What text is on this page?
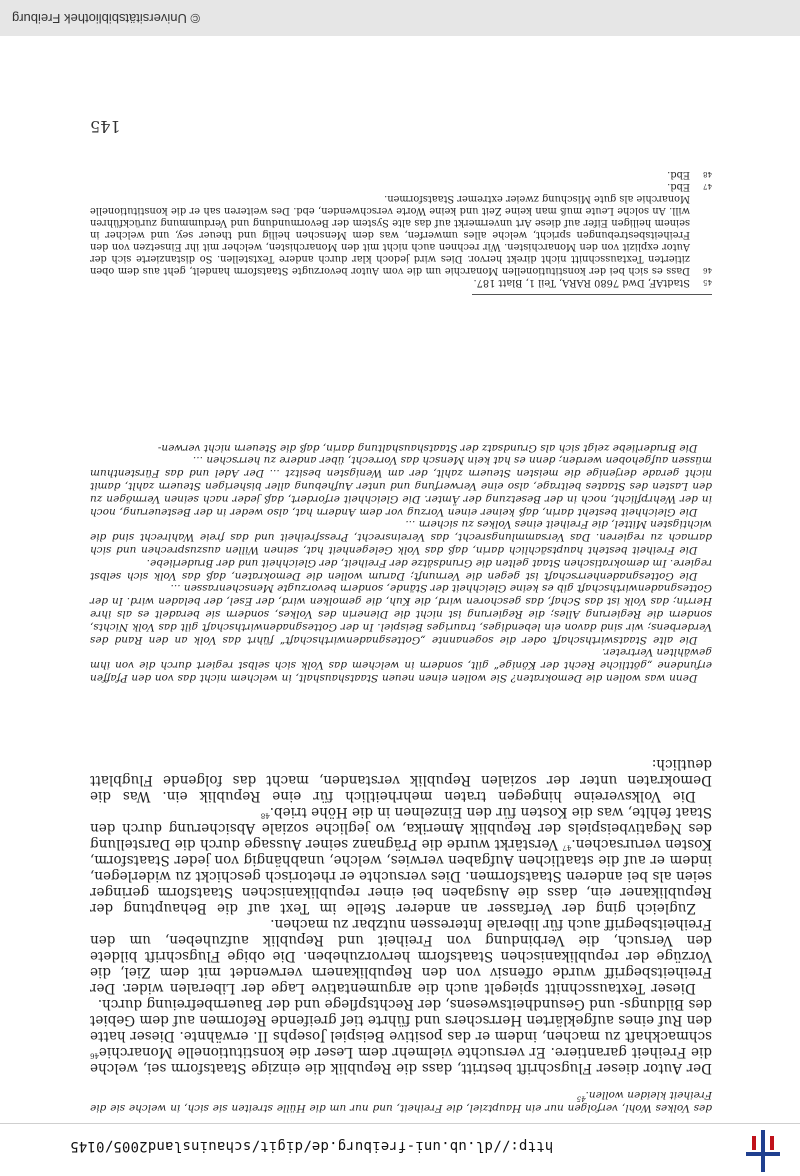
http://dl.ub.uni-freiburg.de/digit/schauinsland2005/0145

des Volkes Wohl, verfolgen nur ein Hauptziel, die Freiheit, und nur um die Hülle streiten sie sich, in welche sie die Freiheit kleiden wollen.$^{45}$

Der Autor dieser Flugschrift bestritt, dass die Republik die einzige Staatsform sei, welche die Freiheit garantiere. Er versuchte vielmehr dem Leser die konstitutionelle Monarchie$^{46}$ schmackhaft zu machen, indem er das positive Beispiel Josephs II. erwähnte. Dieser hatte den Ruf eines aufgeklärten Herrschers und führte tief greifende Reformen auf dem Gebiet des Bildungs- und Gesundheitswesens, der Rechtspflege und der Bauernbefreiung durch.

Dieser Textausschnitt spiegelt auch die argumentative Lage der Liberalen wider. Der Freiheitsbegriff wurde offensiv von den Republikanern verwendet mit dem Ziel, die Vorzüge der republikanischen Staatsform hervorzuheben. Die obige Flugschrift bildete den Versuch, die Verbindung von Freiheit und Republik aufzuheben, um den Freiheitsbegriff auch für liberale Interessen nutzbar zu machen.

Zugleich ging der Verfasser an anderer Stelle im Text auf die Behauptung der Republikaner ein, dass die Ausgaben bei einer republikanischen Staatsform geringer seien als bei anderen Staatsformen. Dies versuchte er rhetorisch geschickt zu widerlegen, indem er auf die staatlichen Aufgaben verwies, welche, unabhängig von jeder Staatsform, Kosten verursachen.$^{47}$ Verstärkt wurde die Prägnanz seiner Aussage durch die Darstellung des Negativbeispiels der Republik Amerika, wo jegliche soziale Absicherung durch den Staat fehlte, was die Kosten für den Einzelnen in die Höhe trieb.$^{48}$

Die Volksvereine hingegen traten mehrheitlich für eine Republik ein. Was die Demokraten unter der sozialen Republik verstanden, macht das folgende Flugblatt deutlich:

Denn was wollen die Demokraten? Sie wollen einen neuen Staatshaushalt, in welchem nicht das von den Pfaffen erfundene „göttliche Recht der Könige“ gilt, sondern in welchem das Volk sich selbst regiert durch die von ihm gewählten Vertreter.

Die alte Staatswirthschaft oder die sogenannte „Gottesgnadenwirthschaft“ führt das Volk an den Rand des Verderbens; wir sind davon ein lebendiges, trauriges Beispiel. In der Gottesgnadenwirthschaft gilt das Volk Nichts, sondern die Regierung Alles; die Regierung ist nicht die Dienerin des Volkes, sondern sie beradelt es als ihre Herrin; das Volk ist das Schaf, das geschoren wird, die Kuh, die gemolken wird, der Esel, der beladen wird. In der Gottesgnadenwirthschaft gib es keine Gleichheit der Stände, sondern bevorzugte Menschenrassen ...

Die Gottesgnadenherrschaft ist gegen die Vernunft; Darum wollen die Demokraten, daß das Volk sich selbst regiere. Im demokratischen Staat gelten die Grundsätze der Freiheit, der Gleichheit und der Bruderliebe.

Die Freiheit besteht hauptsächlich darin, daß das Volk Gelegenheit hat, seinen Willen auszusprechen und sich darnach zu regieren. Das Versammlungsrecht, das Vereinsrecht, Pressfreiheit und das freie Wahlrecht sind die wichtigsten Mittel, die Freiheit eines Volkes zu sichern ...

Die Gleichheit besteht darin, daß keiner einen Vorzug vor dem Andern hat, also weder in der Besteuerung, noch in der Wehrpflicht, noch in der Besetzung der Ämter. Die Gleichheit erfordert, daß jeder nach seinen Vermögen zu den Lasten des Staates beitrage, also eine Verwerfung und unter Aufhebung aller bisherigen Steuern zahlt, damit nicht gerade derjenige die meisten Steuern zahlt, der am Wenigsten besitzt ... Der Adel und das Fürstenthum müssen aufgehoben werden; denn es hat kein Mensch das Vorrecht, über andere zu herrschen ...

Die Bruderliebe zeigt sich als Grundsatz der Staatshaushaltung darin, daß die Steuern nicht verwen-

45
StadtAF, Dwd 7680 RARA, Teil 1, Blatt 187.
46
Dass es sich bei der konstitutionellen Monarchie um die vom Autor bevorzugte Staatsform handelt, geht aus dem oben zitierten Textausschnitt nicht direkt hervor. Dies wird jedoch klar durch andere Textstellen. So distanzierte sich der Autor explizit von den Monarchisten. Wir rechnen auch nicht mit den Monarchisten, welcher mit ihr Einsetzen von den Freiheitsbestrebungen spricht, welche alles umwerfen, was dem Menschen heilig und theuer sey, und welcher in seinem heiligen Eifer auf diese Art unvermerkt auf das alte System der Bevormundung und Verdummung zurückführen will. An solche Leute muß man keine Zeit und keine Worte verschwenden, ebd. Des weiteren sah er die konstitutionelle Monarchie als gute Mischung zweier extremer Staatsformen.
47
Ebd.
48
Ebd.
145
© Universitätsbibliothek Freiburg
